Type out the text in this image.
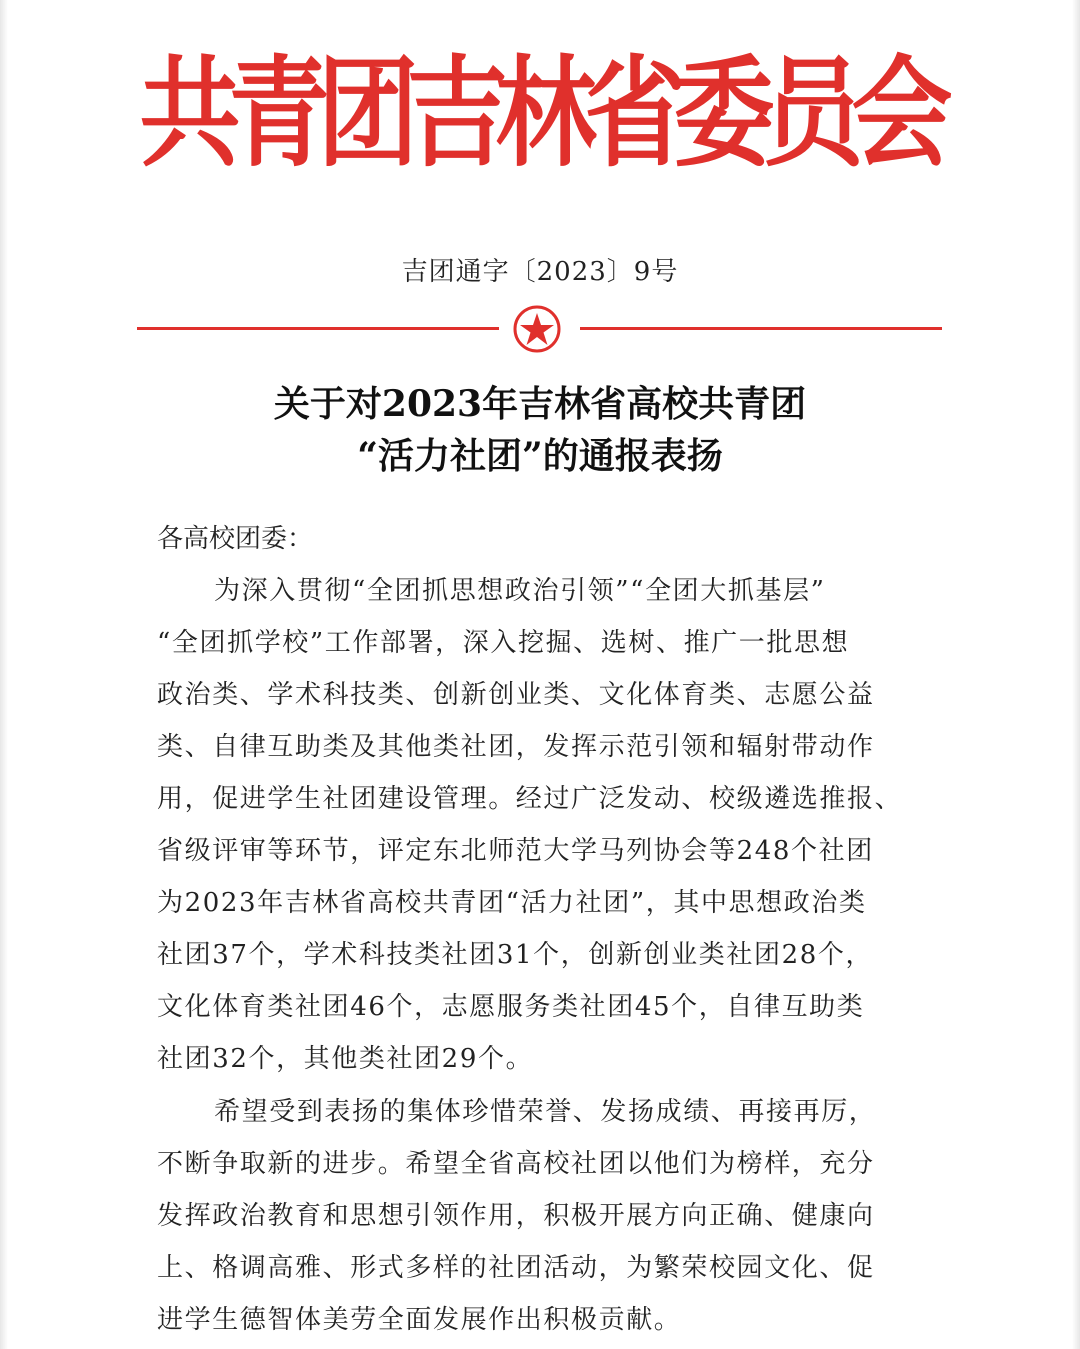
共青团吉林省委员会
吉团通字〔2023〕9号
关于对2023年吉林省高校共青团
“活力社团”的通报表扬
各高校团委：
为深入贯彻“全团抓思想政治引领”“全团大抓基层”
“全团抓学校”工作部署，深入挖掘、选树、推广一批思想
政治类、学术科技类、创新创业类、文化体育类、志愿公益
类、自律互助类及其他类社团，发挥示范引领和辐射带动作
用，促进学生社团建设管理。经过广泛发动、校级遴选推报、
省级评审等环节，评定东北师范大学马列协会等248个社团
为2023年吉林省高校共青团“活力社团”，其中思想政治类
社团37个，学术科技类社团31个，创新创业类社团28个，
文化体育类社团46个，志愿服务类社团45个，自律互助类
社团32个，其他类社团29个。
希望受到表扬的集体珍惜荣誉、发扬成绩、再接再厉，
不断争取新的进步。希望全省高校社团以他们为榜样，充分
发挥政治教育和思想引领作用，积极开展方向正确、健康向
上、格调高雅、形式多样的社团活动，为繁荣校园文化、促
进学生德智体美劳全面发展作出积极贡献。
